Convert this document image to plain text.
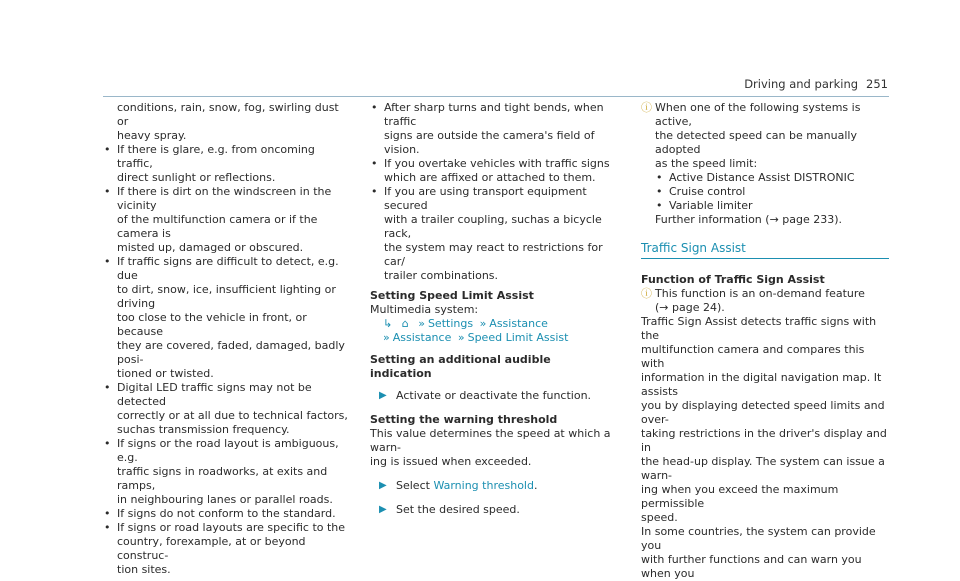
Driving and parking 251

conditions, rain, snow, fog, swirling dust or
heavy spray.

• If there is glare, e.g. from oncoming traffic,
direct sunlight or reflections.

• If there is dirt on the windscreen in the vicinity
of the multifunction camera or if the camera is
misted up, damaged or obscured.

• If traffic signs are difficult to detect, e.g. due
to dirt, snow, ice, insufficient lighting or driving
too close to the vehicle in front, or because
they are covered, faded, damaged, badly posi-
tioned or twisted.

• Digital LED traffic signs may not be detected
correctly or at all due to technical factors,
suchas transmission frequency.

• If signs or the road layout is ambiguous, e.g.
traffic signs in roadworks, at exits and ramps,
in neighbouring lanes or parallel roads.

• If signs do not conform to the standard.

• If signs or road layouts are specific to the
country, forexample, at or beyond construc-
tion sites.

• After sharp turns and tight bends, when traffic
signs are outside the camera's field of vision.

• If you overtake vehicles with traffic signs
which are affixed or attached to them.

• If you are using transport equipment secured
with a trailer coupling, suchas a bicycle rack,
the system may react to restrictions for car/
trailer combinations.

Setting Speed Limit Assist

Multimedia system:

↳ ⌂ » Settings » Assistance
» Assistance » Speed Limit Assist

Setting an additional audible indication

▶ Activate or deactivate the function.

Setting the warning threshold

This value determines the speed at which a warn-
ing is issued when exceeded.

▶ Select Warning threshold.

▶ Set the desired speed.

ⓘ When one of the following systems is active,
the detected speed can be manually adopted
as the speed limit:

• Active Distance Assist DISTRONIC

• Cruise control

• Variable limiter

Further information (→ page 233).

Traffic Sign Assist

Function of Traffic Sign Assist

ⓘ This function is an on-demand feature
(→ page 24).

Traffic Sign Assist detects traffic signs with the
multifunction camera and compares this with
information in the digital navigation map. It assists
you by displaying detected speed limits and over-
taking restrictions in the driver's display and in
the head-up display. The system can issue a warn-
ing when you exceed the maximum permissible
speed.
In some countries, the system can provide you
with further functions and can warn you when you
